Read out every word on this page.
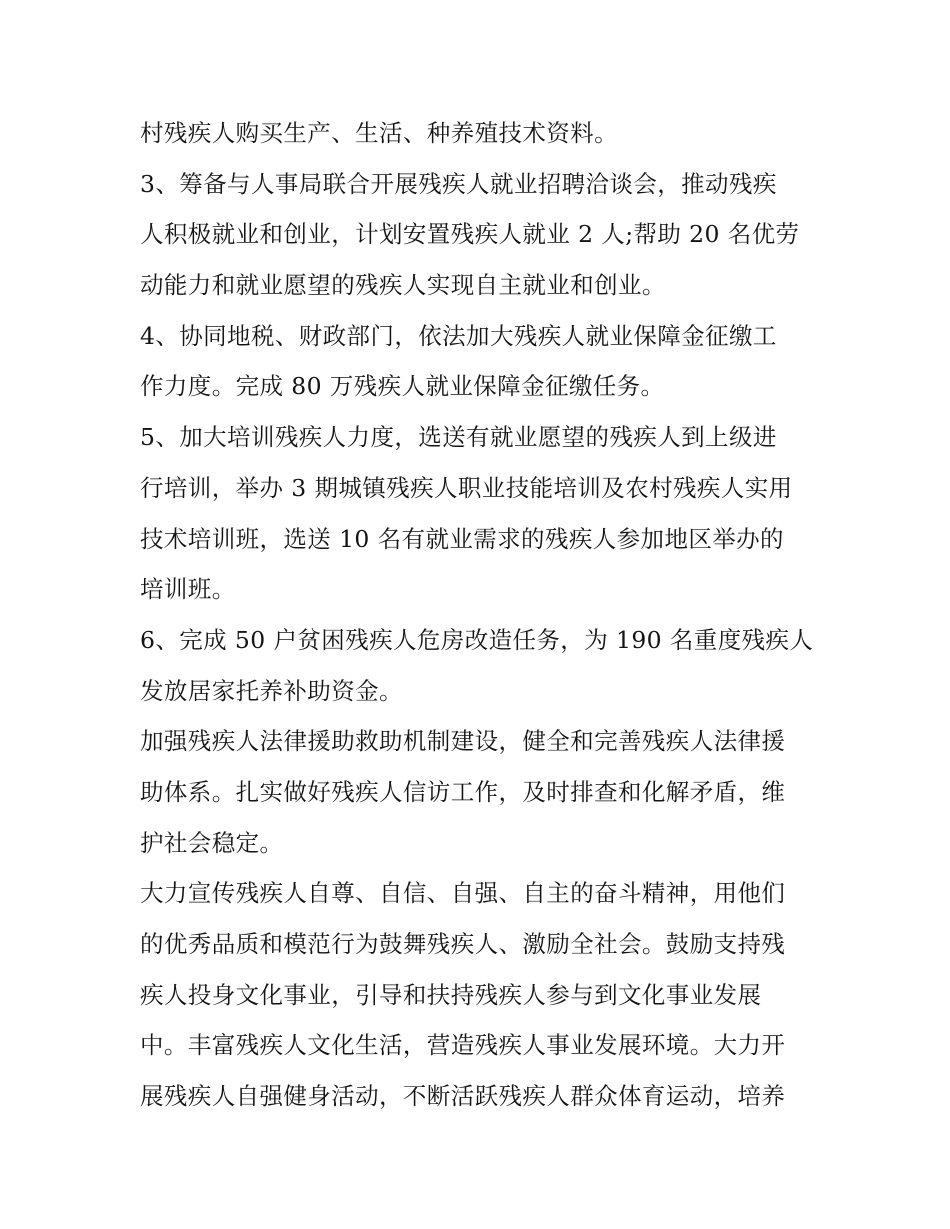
村残疾人购买生产、生活、种养殖技术资料。
3、筹备与人事局联合开展残疾人就业招聘洽谈会，推动残疾
人积极就业和创业，计划安置残疾人就业 2 人;帮助 20 名优劳
动能力和就业愿望的残疾人实现自主就业和创业。
4、协同地税、财政部门，依法加大残疾人就业保障金征缴工
作力度。完成 80 万残疾人就业保障金征缴任务。
5、加大培训残疾人力度，选送有就业愿望的残疾人到上级进
行培训，举办 3 期城镇残疾人职业技能培训及农村残疾人实用
技术培训班，选送 10 名有就业需求的残疾人参加地区举办的
培训班。
6、完成 50 户贫困残疾人危房改造任务，为 190 名重度残疾人
发放居家托养补助资金。
加强残疾人法律援助救助机制建设，健全和完善残疾人法律援
助体系。扎实做好残疾人信访工作，及时排查和化解矛盾，维
护社会稳定。
大力宣传残疾人自尊、自信、自强、自主的奋斗精神，用他们
的优秀品质和模范行为鼓舞残疾人、激励全社会。鼓励支持残
疾人投身文化事业，引导和扶持残疾人参与到文化事业发展
中。丰富残疾人文化生活，营造残疾人事业发展环境。大力开
展残疾人自强健身活动，不断活跃残疾人群众体育运动，培养
